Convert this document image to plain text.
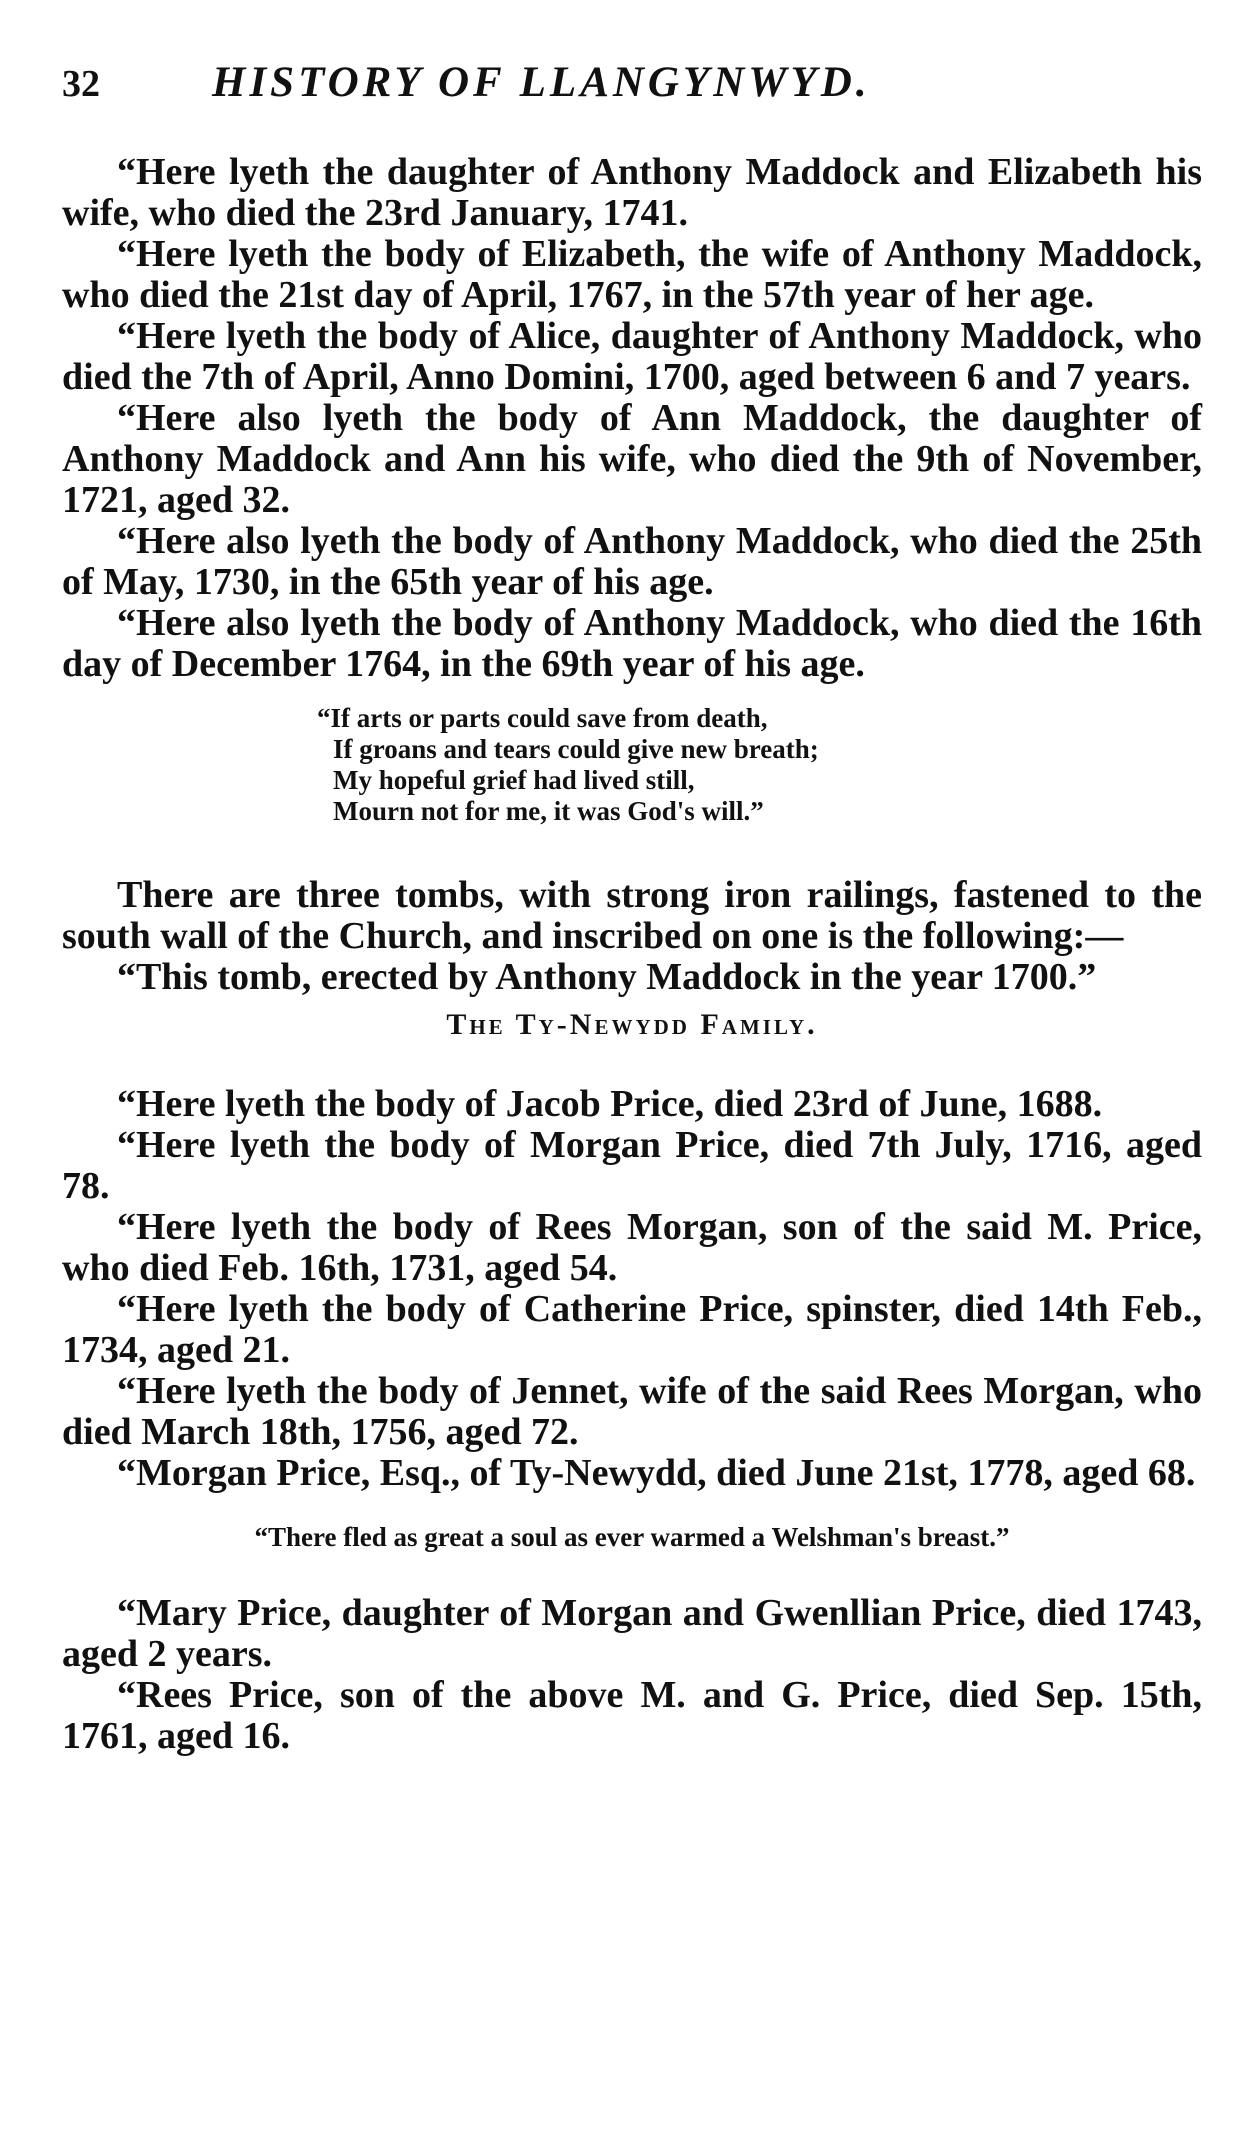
32	HISTORY OF LLANGYNWYD.

“Here lyeth the daughter of Anthony Maddock and Elizabeth his wife, who died the 23rd January, 1741.

“Here lyeth the body of Elizabeth, the wife of Anthony Maddock, who died the 21st day of April, 1767, in the 57th year of her age.

“Here lyeth the body of Alice, daughter of Anthony Maddock, who died the 7th of April, Anno Domini, 1700, aged between 6 and 7 years.

“Here also lyeth the body of Ann Maddock, the daughter of Anthony Maddock and Ann his wife, who died the 9th of November, 1721, aged 32.

“Here also lyeth the body of Anthony Maddock, who died the 25th of May, 1730, in the 65th year of his age.

“Here also lyeth the body of Anthony Maddock, who died the 16th day of December 1764, in the 69th year of his age.

“If arts or parts could save from death,
If groans and tears could give new breath;
My hopeful grief had lived still,
Mourn not for me, it was God's will.”

There are three tombs, with strong iron railings, fastened to the south wall of the Church, and inscribed on one is the following:—

“This tomb, erected by Anthony Maddock in the year 1700.”

The Ty-Newydd Family.

“Here lyeth the body of Jacob Price, died 23rd of June, 1688.

“Here lyeth the body of Morgan Price, died 7th July, 1716, aged 78.

“Here lyeth the body of Rees Morgan, son of the said M. Price, who died Feb. 16th, 1731, aged 54.

“Here lyeth the body of Catherine Price, spinster, died 14th Feb., 1734, aged 21.

“Here lyeth the body of Jennet, wife of the said Rees Morgan, who died March 18th, 1756, aged 72.

“Morgan Price, Esq., of Ty-Newydd, died June 21st, 1778, aged 68.

“There fled as great a soul as ever warmed a Welshman's breast.”

“Mary Price, daughter of Morgan and Gwenllian Price, died 1743, aged 2 years.

“Rees Price, son of the above M. and G. Price, died Sep. 15th, 1761, aged 16.
